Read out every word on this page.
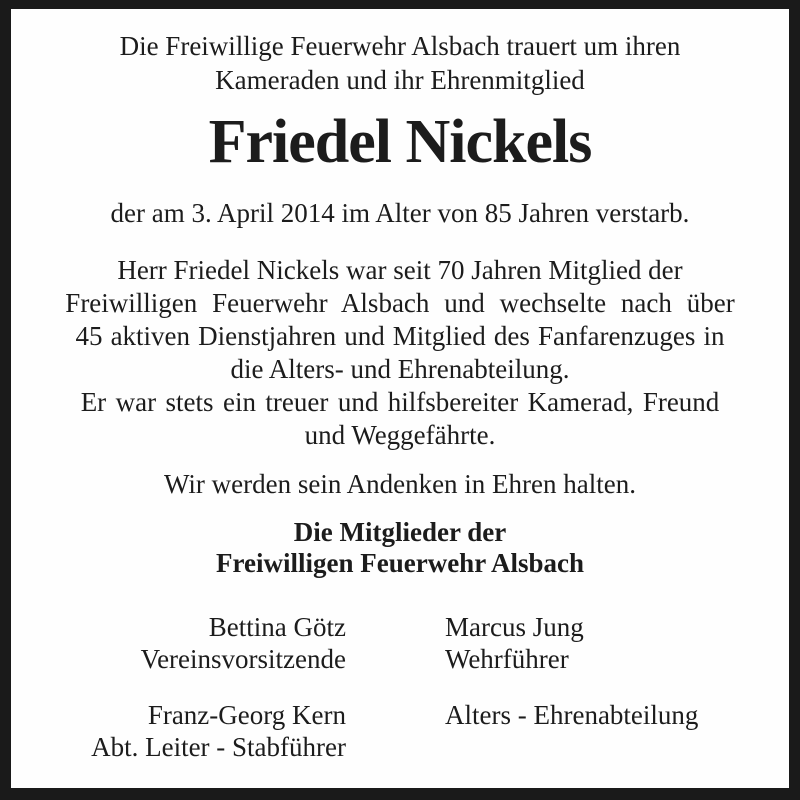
Die Freiwillige Feuerwehr Alsbach trauert um ihren
Kameraden und ihr Ehrenmitglied
Friedel Nickels
der am 3. April 2014 im Alter von 85 Jahren verstarb.
Herr Friedel Nickels war seit 70 Jahren Mitglied der
Freiwilligen Feuerwehr Alsbach und wechselte nach über
45 aktiven Dienstjahren und Mitglied des Fanfarenzuges in
die Alters- und Ehrenabteilung.
Er war stets ein treuer und hilfsbereiter Kamerad, Freund
und Weggefährte.
Wir werden sein Andenken in Ehren halten.
Die Mitglieder der
Freiwilligen Feuerwehr Alsbach
Bettina Götz
Vereinsvorsitzende
Franz-Georg Kern
Abt. Leiter - Stabführer
Marcus Jung
Wehrführer
Alters - Ehrenabteilung
